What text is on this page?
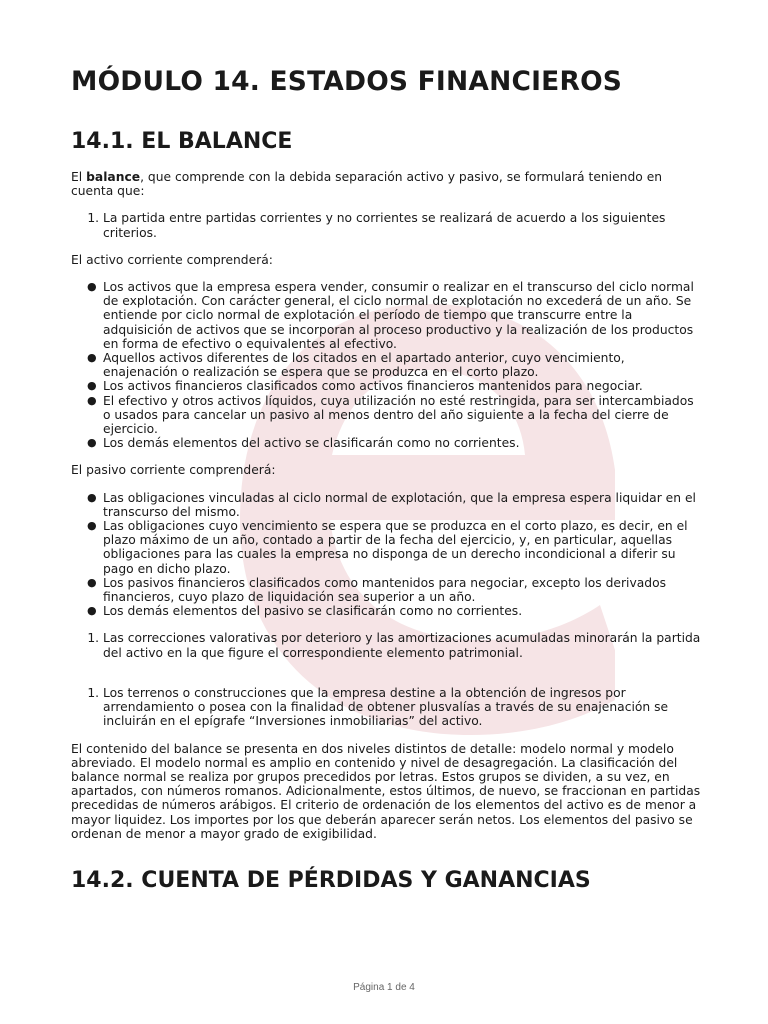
MÓDULO 14. ESTADOS FINANCIEROS
14.1. EL BALANCE

El balance, que comprende con la debida separación activo y pasivo, se formulará teniendo en cuenta que:

1. La partida entre partidas corrientes y no corrientes se realizará de acuerdo a los siguientes criterios.

El activo corriente comprenderá:

● Los activos que la empresa espera vender, consumir o realizar en el transcurso del ciclo normal de explotación. Con carácter general, el ciclo normal de explotación no excederá de un año. Se entiende por ciclo normal de explotación el período de tiempo que transcurre entre la adquisición de activos que se incorporan al proceso productivo y la realización de los productos en forma de efectivo o equivalentes al efectivo.
● Aquellos activos diferentes de los citados en el apartado anterior, cuyo vencimiento, enajenación o realización se espera que se produzca en el corto plazo.
● Los activos financieros clasificados como activos financieros mantenidos para negociar.
● El efectivo y otros activos líquidos, cuya utilización no esté restringida, para ser intercambiados o usados para cancelar un pasivo al menos dentro del año siguiente a la fecha del cierre de ejercicio.
● Los demás elementos del activo se clasificarán como no corrientes.

El pasivo corriente comprenderá:

● Las obligaciones vinculadas al ciclo normal de explotación, que la empresa espera liquidar en el transcurso del mismo.
● Las obligaciones cuyo vencimiento se espera que se produzca en el corto plazo, es decir, en el plazo máximo de un año, contado a partir de la fecha del ejercicio, y, en particular, aquellas obligaciones para las cuales la empresa no disponga de un derecho incondicional a diferir su pago en dicho plazo.
● Los pasivos financieros clasificados como mantenidos para negociar, excepto los derivados financieros, cuyo plazo de liquidación sea superior a un año.
● Los demás elementos del pasivo se clasificarán como no corrientes.
1. Las correcciones valorativas por deterioro y las amortizaciones acumuladas minorarán la partida del activo en la que figure el correspondiente elemento patrimonial.
1. Los terrenos o construcciones que la empresa destine a la obtención de ingresos por arrendamiento o posea con la finalidad de obtener plusvalías a través de su enajenación se incluirán en el epígrafe “Inversiones inmobiliarias” del activo.

El contenido del balance se presenta en dos niveles distintos de detalle: modelo normal y modelo abreviado. El modelo normal es amplio en contenido y nivel de desagregación. La clasificación del balance normal se realiza por grupos precedidos por letras. Estos grupos se dividen, a su vez, en apartados, con números romanos. Adicionalmente, estos últimos, de nuevo, se fraccionan en partidas precedidas de números arábigos. El criterio de ordenación de los elementos del activo es de menor a mayor liquidez. Los importes por los que deberán aparecer serán netos. Los elementos del pasivo se ordenan de menor a mayor grado de exigibilidad.

14.2. CUENTA DE PÉRDIDAS Y GANANCIAS
Página 1 de 4
